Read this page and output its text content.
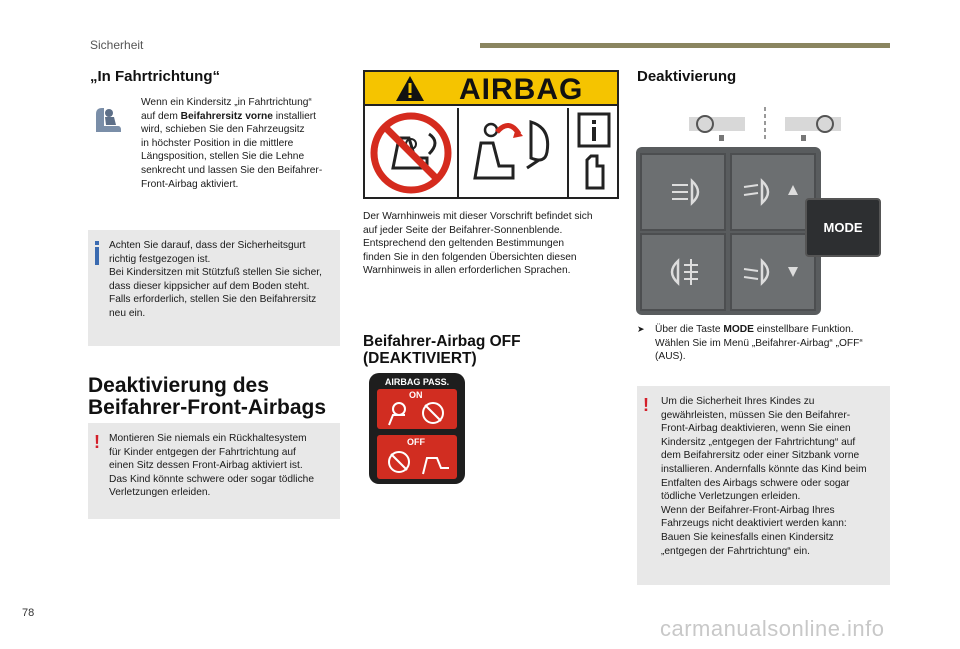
Sicherheit
„In Fahrtrichtung“
Wenn ein Kindersitz „in Fahrtrichtung“
auf dem Beifahrersitz vorne installiert
wird, schieben Sie den Fahrzeugsitz
in höchster Position in die mittlere
Längsposition, stellen Sie die Lehne
senkrecht und lassen Sie den Beifahrer-
Front-Airbag aktiviert.
Achten Sie darauf, dass der Sicherheitsgurt
richtig festgezogen ist.
Bei Kindersitzen mit Stützfuß stellen Sie sicher,
dass dieser kippsicher auf dem Boden steht.
Falls erforderlich, stellen Sie den Beifahrersitz
neu ein.
Deaktivierung des
Beifahrer-Front-Airbags
! Montieren Sie niemals ein Rückhaltesystem
für Kinder entgegen der Fahrtrichtung auf
einen Sitz dessen Front-Airbag aktiviert ist.
Das Kind könnte schwere oder sogar tödliche
Verletzungen erleiden.
AIRBAG
Der Warnhinweis mit dieser Vorschrift befindet sich
auf jeder Seite der Beifahrer-Sonnenblende.
Entsprechend den geltenden Bestimmungen
finden Sie in den folgenden Übersichten diesen
Warnhinweis in allen erforderlichen Sprachen.
Beifahrer-Airbag OFF
(DEAKTIVIERT)
AIRBAG PASS.
ON
OFF
Deaktivierung
MODE
➤ Über die Taste MODE einstellbare Funktion.
Wählen Sie im Menü „Beifahrer-Airbag“ „OFF“
(AUS).
! Um die Sicherheit Ihres Kindes zu
gewährleisten, müssen Sie den Beifahrer-
Front-Airbag deaktivieren, wenn Sie einen
Kindersitz „entgegen der Fahrtrichtung“ auf
dem Beifahrersitz oder einer Sitzbank vorne
installieren. Andernfalls könnte das Kind beim
Entfalten des Airbags schwere oder sogar
tödliche Verletzungen erleiden.
Wenn der Beifahrer-Front-Airbag Ihres
Fahrzeugs nicht deaktiviert werden kann:
Bauen Sie keinesfalls einen Kindersitz
„entgegen der Fahrtrichtung“ ein.
78
carmanualsonline.info
